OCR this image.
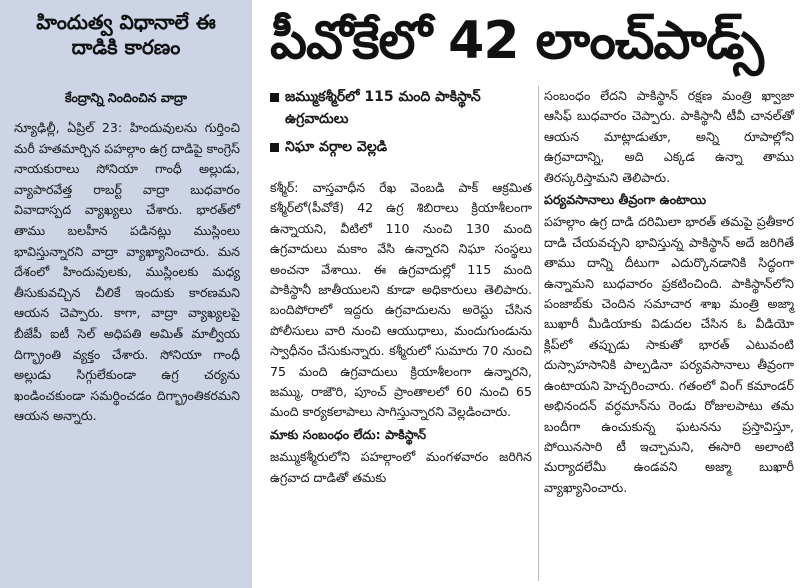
హిందుత్వ విధానాలే ఈ దాడికి కారణం
కేంద్రాన్ని నిందించిన వాద్రా
న్యూఢిల్లీ, ఏప్రిల్ 23: హిందువులను గుర్తించి మరీ హతమార్చిన పహల్గాం ఉగ్ర దాడిపై కాంగ్రెస్ నాయకురాలు సోనియా గాంధీ అల్లుడు, వ్యాపారవేత్త రాబర్ట్ వాద్రా బుధవారం వివాదాస్పద వ్యాఖ్యలు చేశారు. భారత్‌లో తాము బలహీన పడినట్లు ముస్లింలు భావిస్తున్నారని వాద్రా వ్యాఖ్యానించారు. మన దేశంలో హిందువులకు, ముస్లింలకు మధ్య తీసుకువచ్చిన చీలికే ఇందుకు కారణమని ఆయన చెప్పారు. కాగా, వాద్రా వ్యాఖ్యలపై బీజేపీ ఐటీ సెల్ అధిపతి అమిత్ మాల్వీయ దిగ్భ్రాంతి వ్యక్తం చేశారు. సోనియా గాంధీ అల్లుడు సిగ్గులేకుండా ఉగ్ర చర్యను ఖండించకుండా సమర్థించడం దిగ్భ్రాంతికరమని ఆయన అన్నారు.
పీవోకేలో 42 లాంచ్‌పాడ్స్
జమ్ముకశ్మీర్‌లో 115 మంది పాకిస్థాన్ ఉగ్రవాదులు
నిఘా వర్గాల వెల్లడి
కశ్మీర్: వాస్తవాధీన రేఖ వెంబడి పాక్ ఆక్రమిత కశ్మీర్‌లో(పీవోకే) 42 ఉగ్ర శిబిరాలు క్రియాశీలంగా ఉన్నాయని, వీటిలో 110 నుంచి 130 మంది ఉగ్రవాదులు మకాం వేసి ఉన్నారని నిఘా సంస్థలు అంచనా వేశాయి. ఈ ఉగ్రవాదుల్లో 115 మంది పాకిస్థానీ జాతీయులని కూడా అధికారులు తెలిపారు. బందిపోరాలో ఇద్దరు ఉగ్రవాదులను అరెస్టు చేసిన పోలీసులు వారి నుంచి ఆయుధాలు, మందుగుండును స్వాధీనం చేసుకున్నారు. కశ్మీరులో సుమారు 70 నుంచి 75 మంది ఉగ్రవాదులు క్రియాశీలంగా ఉన్నారని, జమ్ము, రాజౌరి, పూంచ్ ప్రాంతాలలో 60 నుంచి 65 మంది కార్యకలాపాలు సాగిస్తున్నారని వెల్లడించారు.
మాకు సంబంధం లేదు: పాకిస్థాన్
జమ్ముకశ్మీరులోని పహల్గాంలో మంగళవారం జరిగిన ఉగ్రవాద దాడితో తమకు
సంబంధం లేదని పాకిస్థాన్ రక్షణ మంత్రి ఖ్వాజా ఆసిఫ్ బుధవారం చెప్పారు. పాకిస్థానీ టీవీ చానల్‌తో ఆయన మాట్లాడుతూ, అన్ని రూపాల్లోని ఉగ్రవాదాన్ని, అది ఎక్కడ ఉన్నా తాము తిరస్కరిస్తామని తెలిపారు.
పర్యవసానాలు తీవ్రంగా ఉంటాయి
పహల్గాం ఉగ్ర దాడి దరిమిలా భారత్ తమపై ప్రతీకార దాడి చేయవచ్చని భావిస్తున్న పాకిస్థాన్ అదే జరిగితే తాము దాన్ని దీటుగా ఎదుర్కొనడానికి సిద్ధంగా ఉన్నామని బుధవారం ప్రకటించింది. పాకిస్థాన్‌లోని పంజాబ్‌కు చెందిన సమాచార శాఖ మంత్రి అజ్మా బుఖారీ మీడియాకు విడుదల చేసిన ఓ వీడియో క్లిప్‌లో తప్పుడు సాకుతో భారత్ ఎటువంటి దుస్సాహసానికి పాల్పడినా పర్యవసానాలు తీవ్రంగా ఉంటాయని హెచ్చరించారు. గతంలో వింగ్ కమాండర్ అభినందన్ వర్ధమాన్‌ను రెండు రోజులపాటు తమ బందీగా ఉంచుకున్న ఘటనను ప్రస్తావిస్తూ, పోయినసారి టీ ఇచ్చామని, ఈసారి అలాంటి మర్యాదలేమీ ఉండవని అజ్మా బుఖారీ వ్యాఖ్యానించారు.
